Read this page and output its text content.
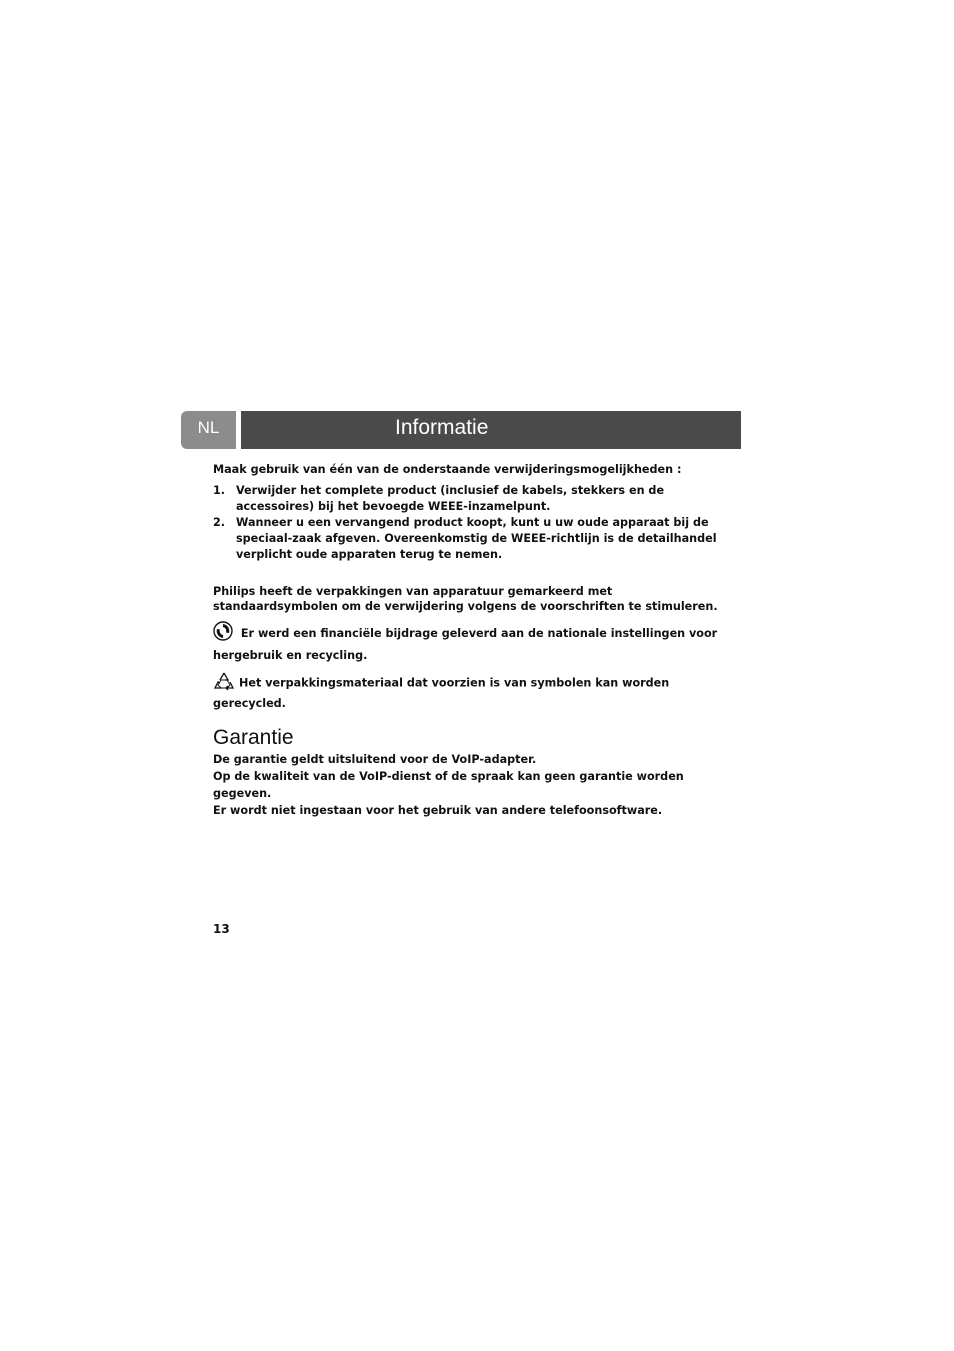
NL	Informatie

Maak gebruik van één van de onderstaande verwijderingsmogelijkheden :

1. Verwijder het complete product (inclusief de kabels, stekkers en de accessoires) bij het bevoegde WEEE-inzamelpunt.
2. Wanneer u een vervangend product koopt, kunt u uw oude apparaat bij de speciaal-zaak afgeven. Overeenkomstig de WEEE-richtlijn is de detailhandel verplicht oude apparaten terug te nemen.

Philips heeft de verpakkingen van apparatuur gemarkeerd met standaardsymbolen om de verwijdering volgens de voorschriften te stimuleren.

Er werd een financiële bijdrage geleverd aan de nationale instellingen voor hergebruik en recycling.
Het verpakkingsmateriaal dat voorzien is van symbolen kan worden gerecycled.
Garantie

De garantie geldt uitsluitend voor de VoIP-adapter.

Op de kwaliteit van de VoIP-dienst of de spraak kan geen garantie worden gegeven.

Er wordt niet ingestaan voor het gebruik van andere telefoonsoftware.

13
